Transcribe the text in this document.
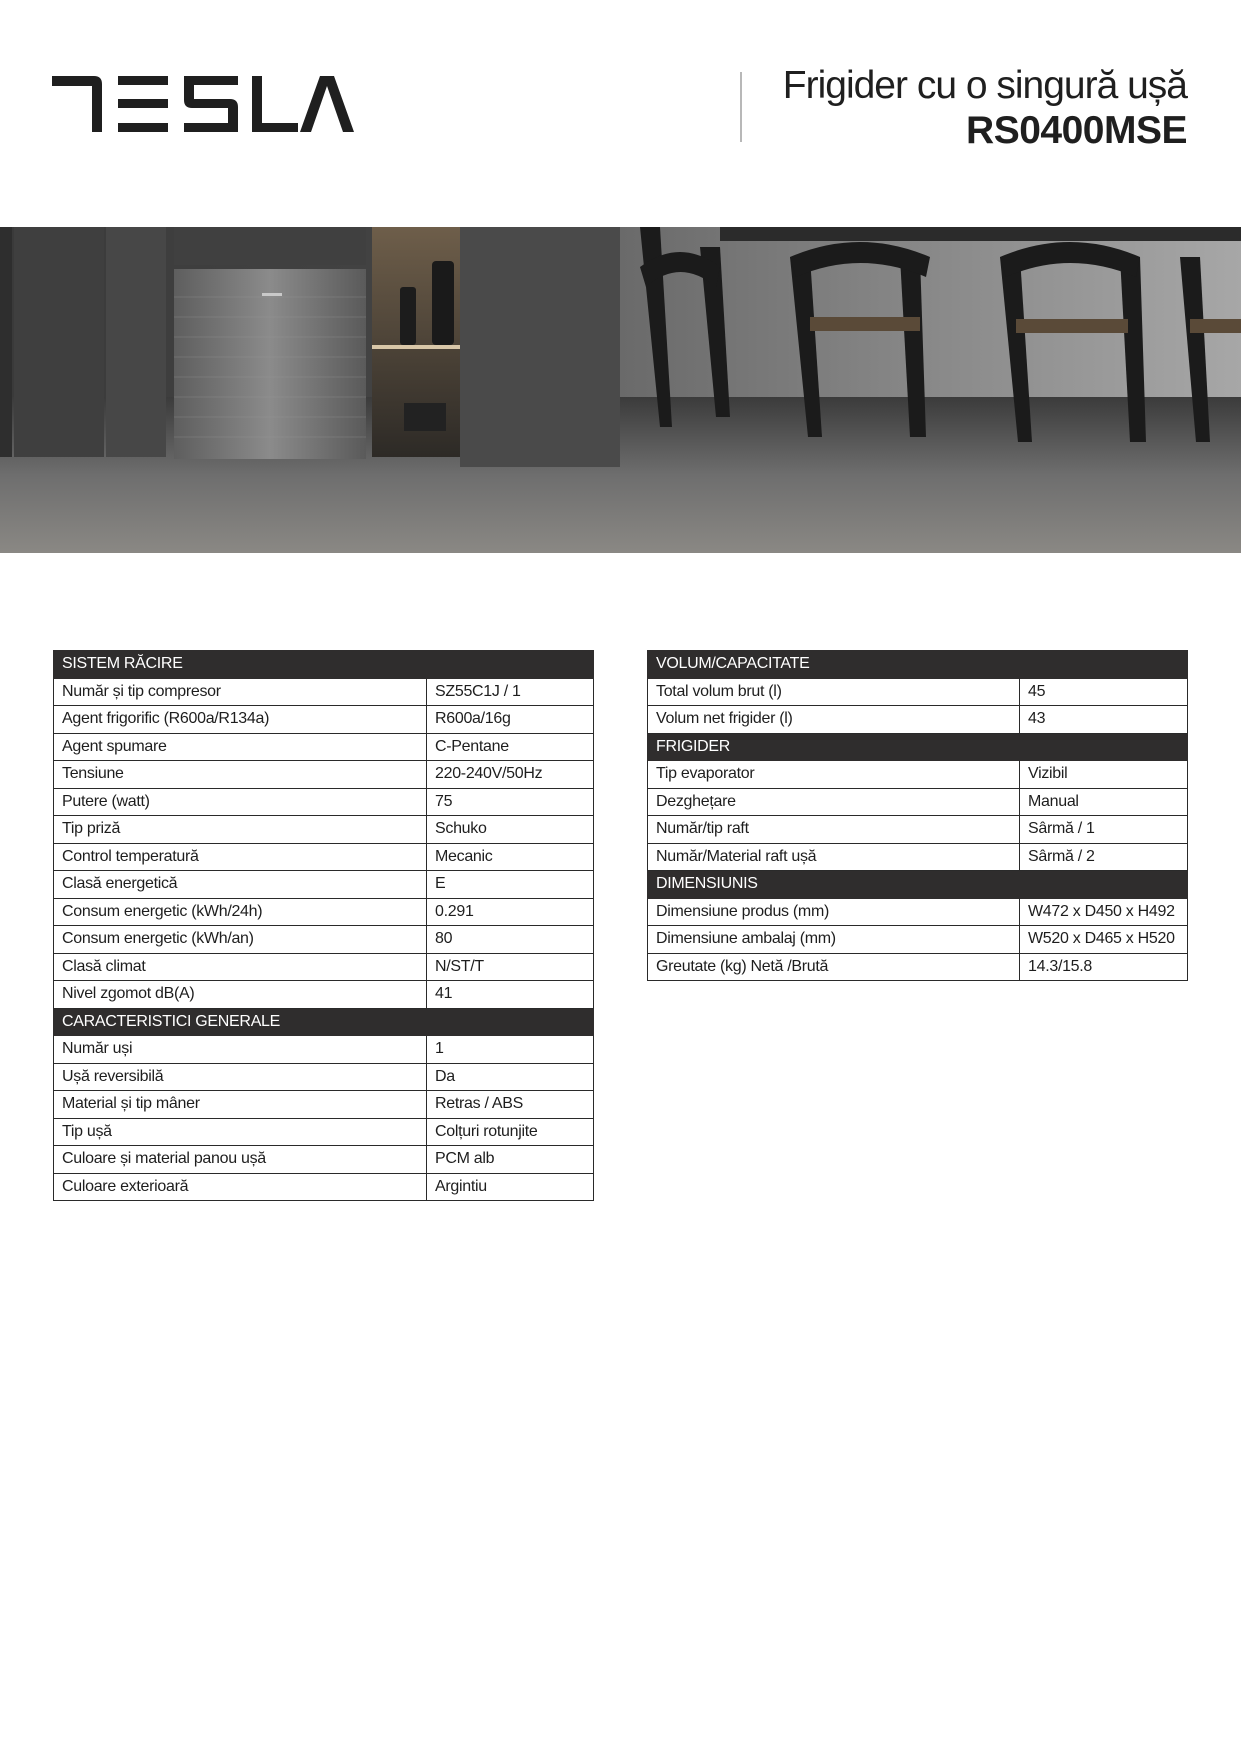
Frigider cu o singură ușă
RS0400MSE
SISTEM RĂCIRE	
Număr și tip compresor	SZ55C1J / 1
Agent frigorific (R600a/R134a)	R600a/16g
Agent spumare	C-Pentane
Tensiune	220-240V/50Hz
Putere (watt)	75
Tip priză	Schuko
Control temperatură	Mecanic
Clasă energetică	E
Consum energetic (kWh/24h)	0.291
Consum energetic (kWh/an)	80
Clasă climat	N/ST/T
Nivel zgomot dB(A)	41
CARACTERISTICI GENERALE	
Număr uși	1
Ușă reversibilă	Da
Material și tip mâner	Retras / ABS
Tip ușă	Colțuri rotunjite
Culoare și material panou ușă	PCM alb
Culoare exterioară	Argintiu
VOLUM/CAPACITATE	
Total volum brut (l)	45
Volum net frigider (l)	43
FRIGIDER	
Tip evaporator	Vizibil
Dezghețare	Manual
Număr/tip raft	Sârmă / 1
Număr/Material raft ușă	Sârmă / 2
DIMENSIUNIS	
Dimensiune produs (mm)	W472 x D450 x H492
Dimensiune ambalaj (mm)	W520 x D465 x H520
Greutate (kg) Netă /Brută	14.3/15.8
